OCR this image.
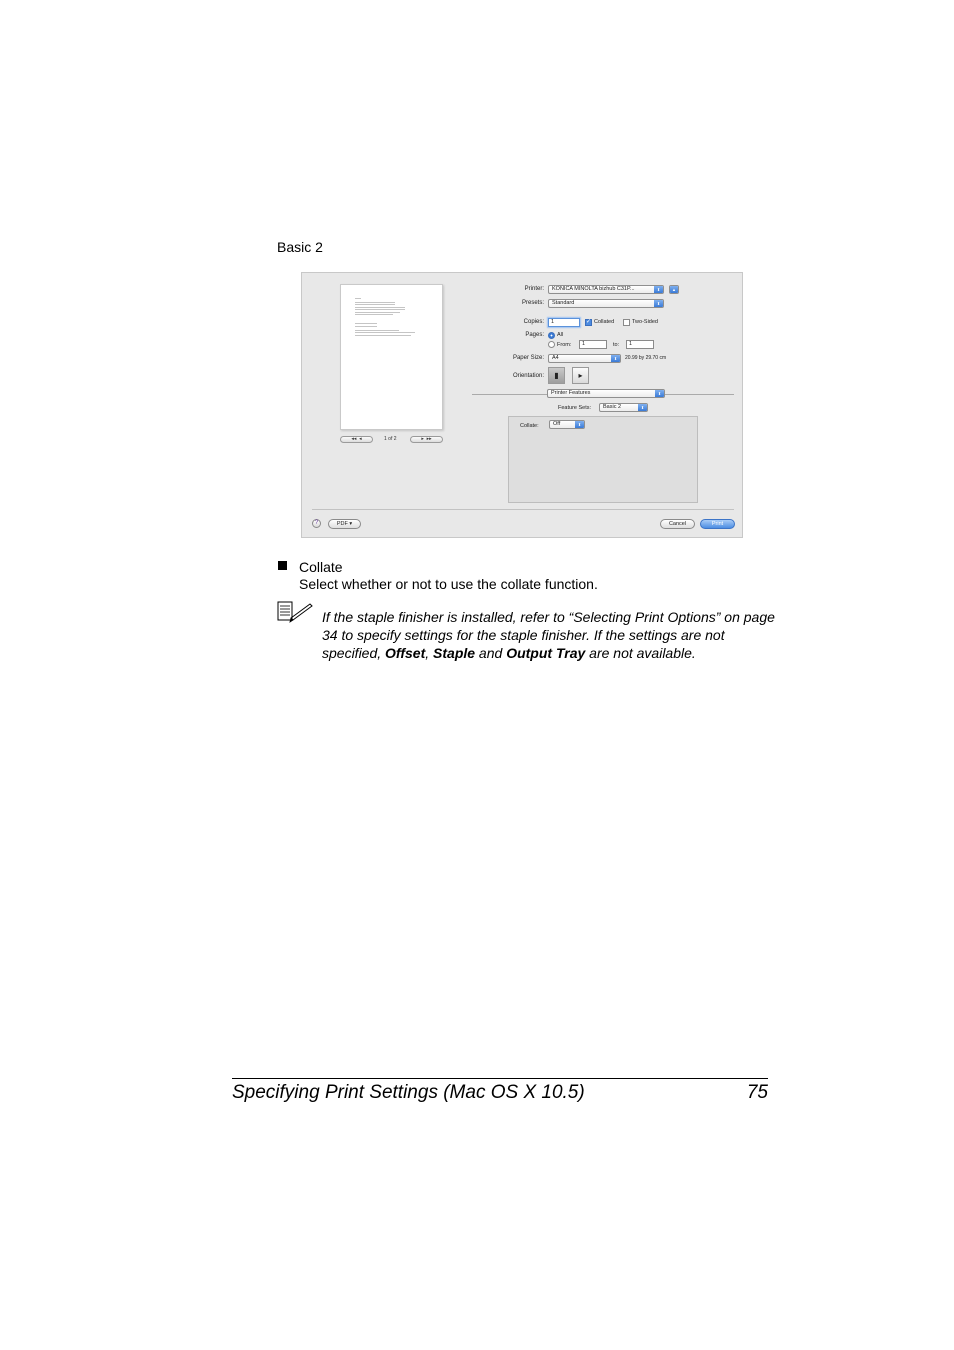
Basic 2
◂◂  ◂	1 of 2	▸  ▸▸
Printer:	KONICA MINOLTA bizhub C31P...	⬍	▲
Presets:	Standard	⬍
Copies:	1	✓ Collated	Two-Sided
Pages: All
From:	1	to:	1
Paper Size:	A4	⬍	20.99 by 29.70 cm
Orientation:	▮	▸
Printer Features	⬍
Feature Sets:	Basic 2	⬍
Collate:	Off	⬍
?	PDF ▾	Cancel	Print
Collate
Select whether or not to use the collate function.
If the staple finisher is installed, refer to “Selecting Print Options” on page 34 to specify settings for the staple finisher. If the settings are not specified, Offset, Staple and Output Tray are not available.
Specifying Print Settings (Mac OS X 10.5)	75
